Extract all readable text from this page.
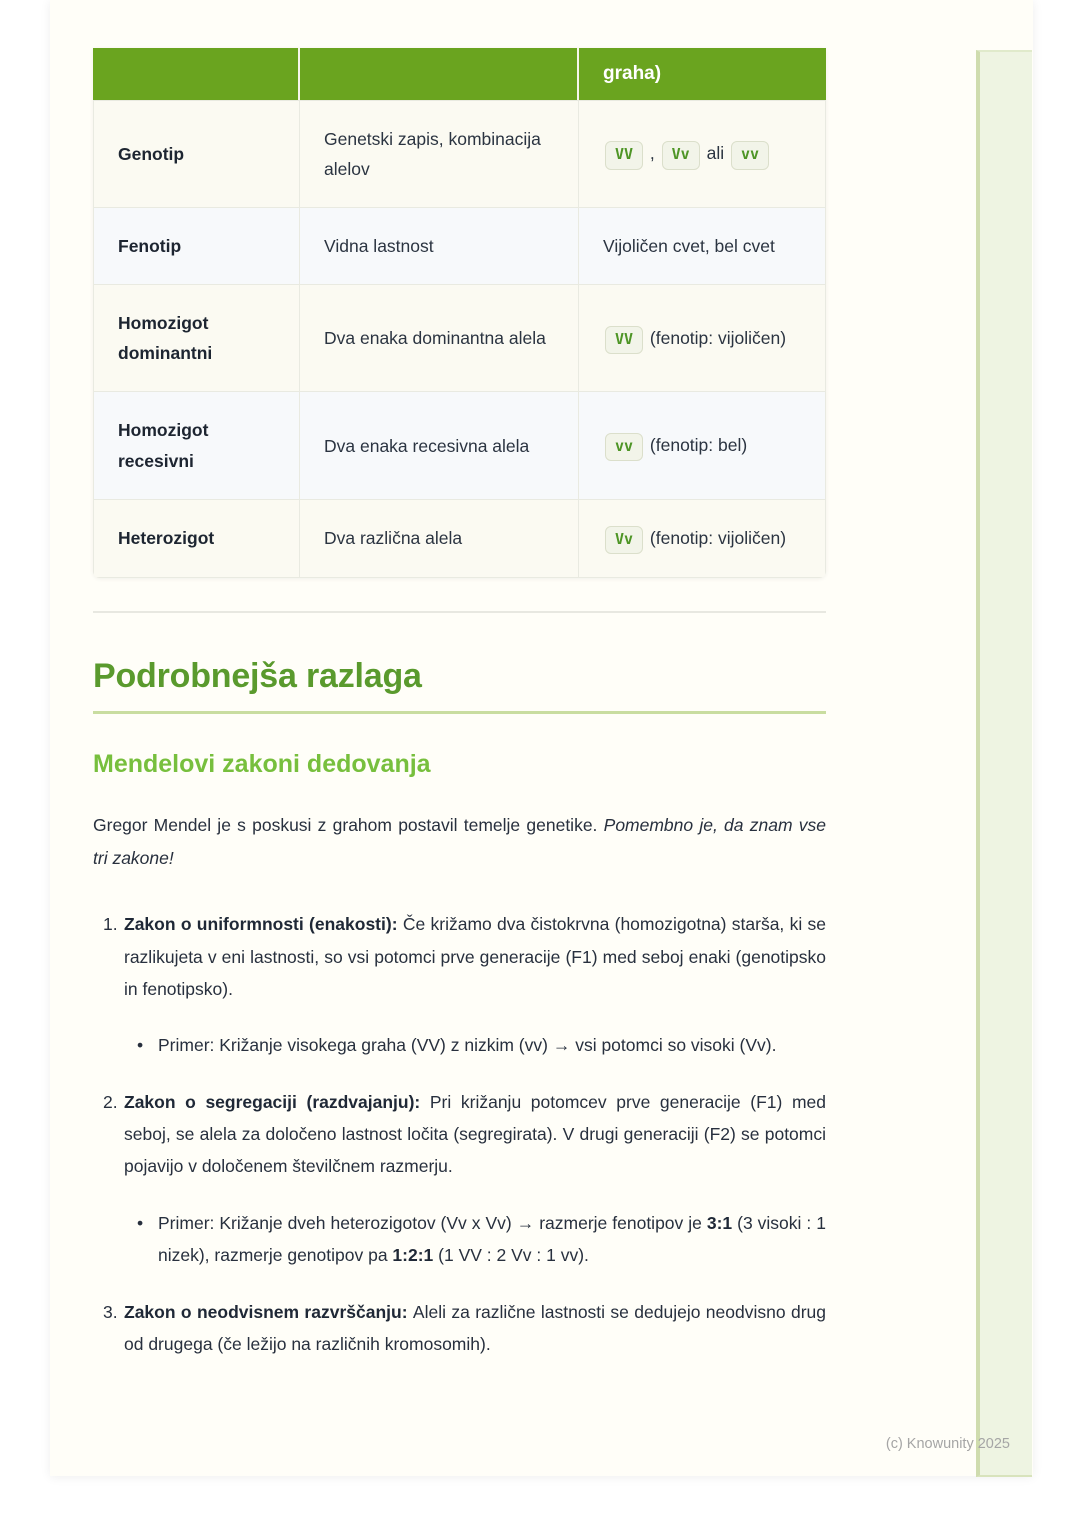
		graha)
Genotip	Genetski zapis, kombinacija alelov	VV , Vv ali vv
Fenotip	Vidna lastnost	Vijoličen cvet, bel cvet
Homozigot dominantni	Dva enaka dominantna alela	VV (fenotip: vijoličen)
Homozigot recesivni	Dva enaka recesivna alela	vv (fenotip: bel)
Heterozigot	Dva različna alela	Vv (fenotip: vijoličen)
Podrobnejša razlaga
Mendelovi zakoni dedovanja

Gregor Mendel je s poskusi z grahom postavil temelje genetike. Pomembno je, da znam vse tri zakone!

1. Zakon o uniformnosti (enakosti): Če križamo dva čistokrvna (homozigotna) starša, ki se razlikujeta v eni lastnosti, so vsi potomci prve generacije (F1) med seboj enaki (genotipsko in fenotipsko).
• Primer: Križanje visokega graha (VV) z nizkim (vv) → vsi potomci so visoki (Vv).
2. Zakon o segregaciji (razdvajanju): Pri križanju potomcev prve generacije (F1) med seboj, se alela za določeno lastnost ločita (segregirata). V drugi generaciji (F2) se potomci pojavijo v določenem številčnem razmerju.
• Primer: Križanje dveh heterozigotov (Vv x Vv) → razmerje fenotipov je 3:1 (3 visoki : 1 nizek), razmerje genotipov pa 1:2:1 (1 VV : 2 Vv : 1 vv).
3. Zakon o neodvisnem razvrščanju: Aleli za različne lastnosti se dedujejo neodvisno drug od drugega (če ležijo na različnih kromosomih).
(c) Knowunity 2025
